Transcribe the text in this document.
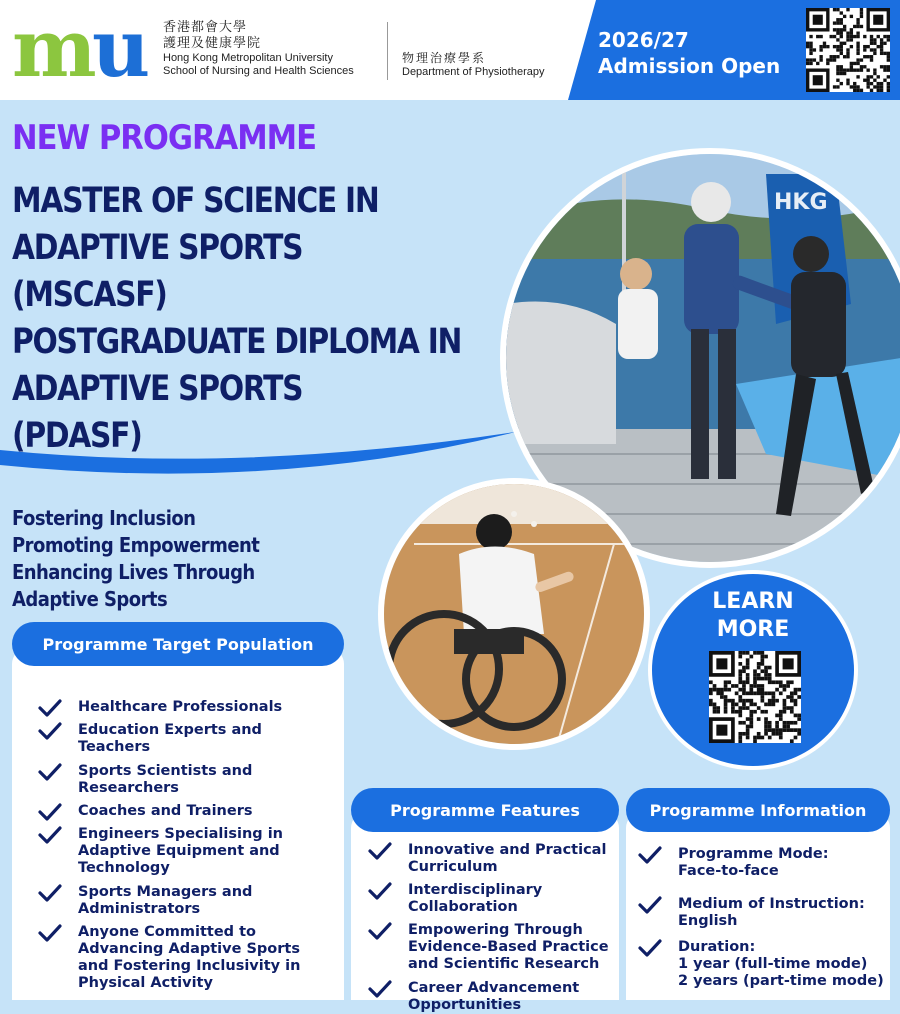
m u 香港都會大學
護理及健康學院
Hong Kong Metropolitan University
School of Nursing and Health Sciences
物理治療學系
Department of Physiotherapy
2026/27
Admission Open
NEW PROGRAMME
MASTER OF SCIENCE IN
ADAPTIVE SPORTS
(MSCASF)
POSTGRADUATE DIPLOMA IN
ADAPTIVE SPORTS
(PDASF)
Fostering Inclusion
Promoting Empowerment
Enhancing Lives Through
Adaptive Sports
HKG
LEARN
MORE
Programme Target Population
Healthcare Professionals
Education Experts and
Teachers
Sports Scientists and
Researchers
Coaches and Trainers
Engineers Specialising in
Adaptive Equipment and
Technology
Sports Managers and
Administrators
Anyone Committed to
Advancing Adaptive Sports
and Fostering Inclusivity in
Physical Activity
Programme Features
Innovative and Practical
Curriculum
Interdisciplinary
Collaboration
Empowering Through
Evidence-Based Practice
and Scientific Research
Career Advancement
Opportunities
Programme Information
Programme Mode:
Face-to-face
Medium of Instruction:
English
Duration:
1 year (full-time mode)
2 years (part-time mode)
